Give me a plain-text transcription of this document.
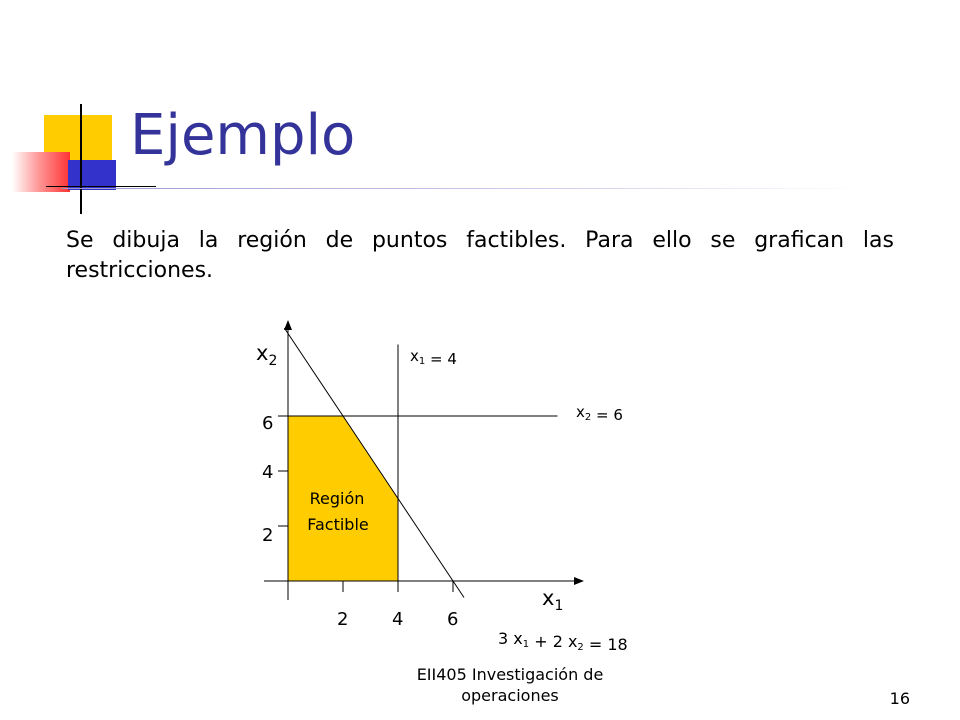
Ejemplo

Se dibuja la región de puntos factibles. Para ello se grafican las restricciones.

$x_2$
$x_1$
6
4
2
2 4 6
Región
Factible
$x_1 = 4$
$x_2 = 6$
3 x1 + 2 x2 = 18
EII405 Investigación de
operaciones	16
